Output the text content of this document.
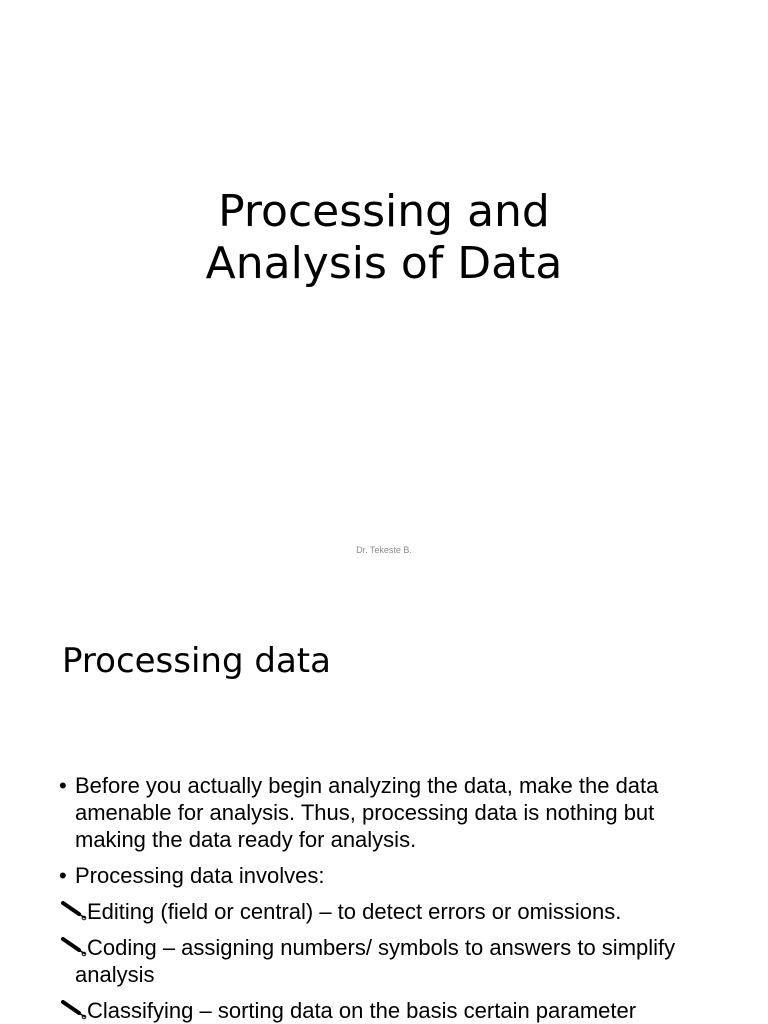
Processing and
Analysis of Data
Dr. Tekeste B.
Processing data
• Before you actually begin analyzing the data, make the data amenable for analysis. Thus, processing data is nothing but making the data ready for analysis.
• Processing data involves:
Editing (field or central) – to detect errors or omissions.
Coding – assigning numbers/ symbols to answers to simplify analysis
Classifying – sorting data on the basis certain parameter
